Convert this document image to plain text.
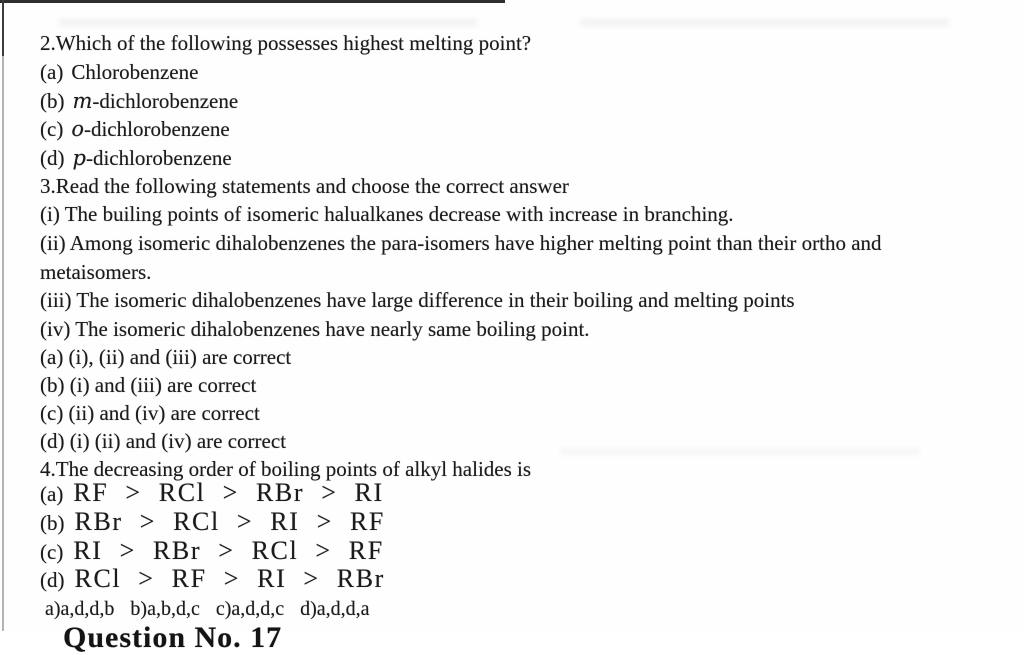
2.Which of the following possesses highest melting point?
(a) Chlorobenzene
(b) m-dichlorobenzene
(c) o-dichlorobenzene
(d) p-dichlorobenzene
3.Read the following statements and choose the correct answer
(i) The builing points of isomeric halualkanes decrease with increase in branching.
(ii) Among isomeric dihalobenzenes the para-isomers have higher melting point than their ortho and
metaisomers.
(iii) The isomeric dihalobenzenes have large difference in their boiling and melting points
(iv) The isomeric dihalobenzenes have nearly same boiling point.
(a) (i), (ii) and (iii) are correct
(b) (i) and (iii) are correct
(c) (ii) and (iv) are correct
(d) (i) (ii) and (iv) are correct
4.The decreasing order of boiling points of alkyl halides is
(a) RF > RCl > RBr > RI
(b) RBr > RCl > RI > RF
(c) RI > RBr > RCl > RF
(d) RCl > RF > RI > RBr
a)a,d,d,b b)a,b,d,c c)a,d,d,c d)a,d,d,a
Question No. 17
